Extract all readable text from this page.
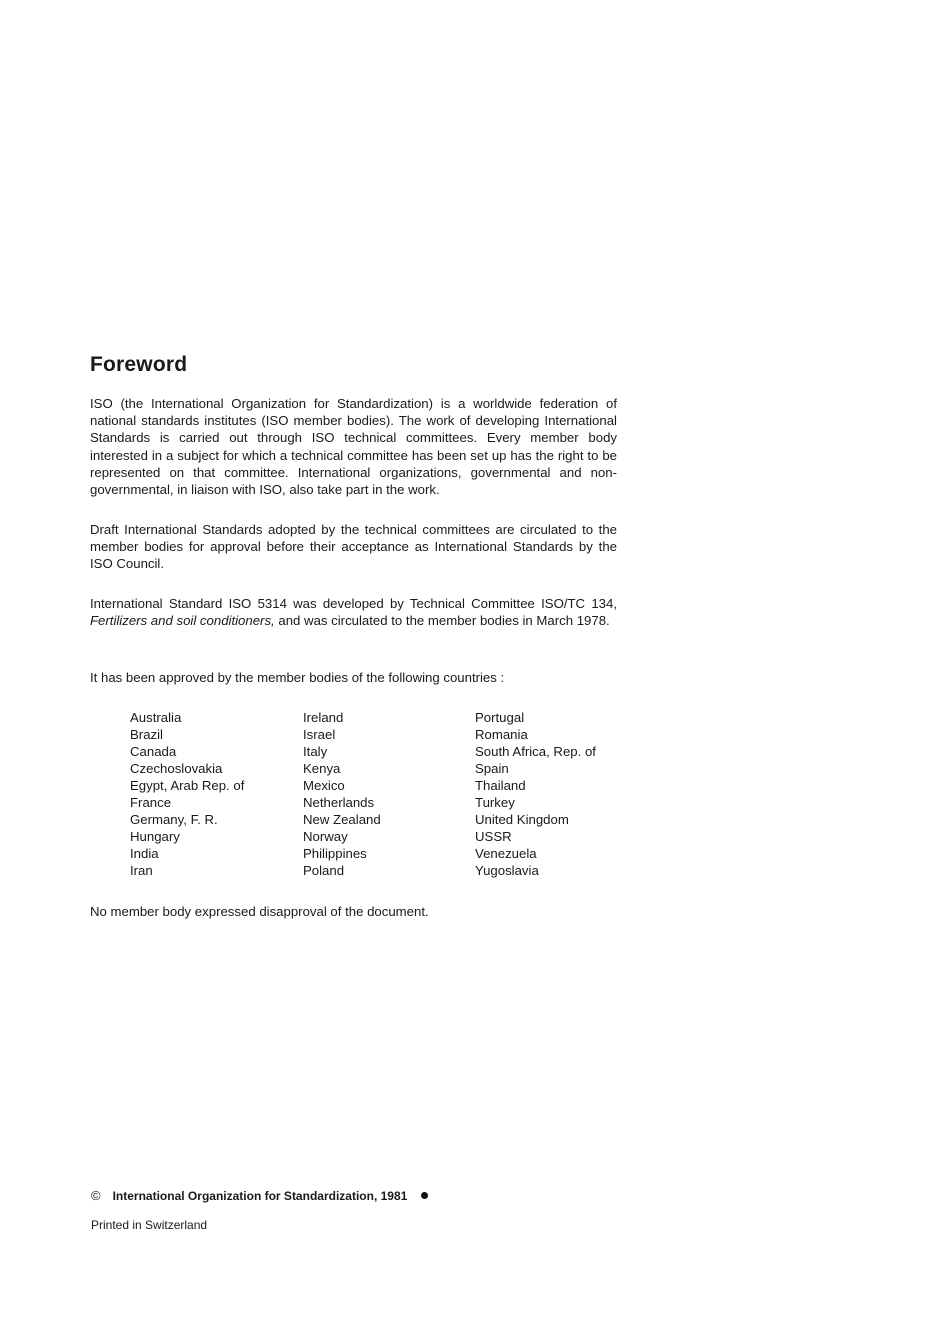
Foreword

ISO (the International Organization for Standardization) is a worldwide federation of national standards institutes (ISO member bodies). The work of developing International Standards is carried out through ISO technical committees. Every member body interested in a subject for which a technical committee has been set up has the right to be represented on that committee. International organizations, governmental and non-governmental, in liaison with ISO, also take part in the work.

Draft International Standards adopted by the technical committees are circulated to the member bodies for approval before their acceptance as International Standards by the ISO Council.

International Standard ISO 5314 was developed by Technical Committee ISO/TC 134, Fertilizers and soil conditioners, and was circulated to the member bodies in March 1978.

It has been approved by the member bodies of the following countries :

Australia
Brazil
Canada
Czechoslovakia
Egypt, Arab Rep. of
France
Germany, F. R.
Hungary
India
Iran
Ireland
Israel
Italy
Kenya
Mexico
Netherlands
New Zealand
Norway
Philippines
Poland
Portugal
Romania
South Africa, Rep. of
Spain
Thailand
Turkey
United Kingdom
USSR
Venezuela
Yugoslavia

No member body expressed disapproval of the document.

© International Organization for Standardization, 1981
Printed in Switzerland
